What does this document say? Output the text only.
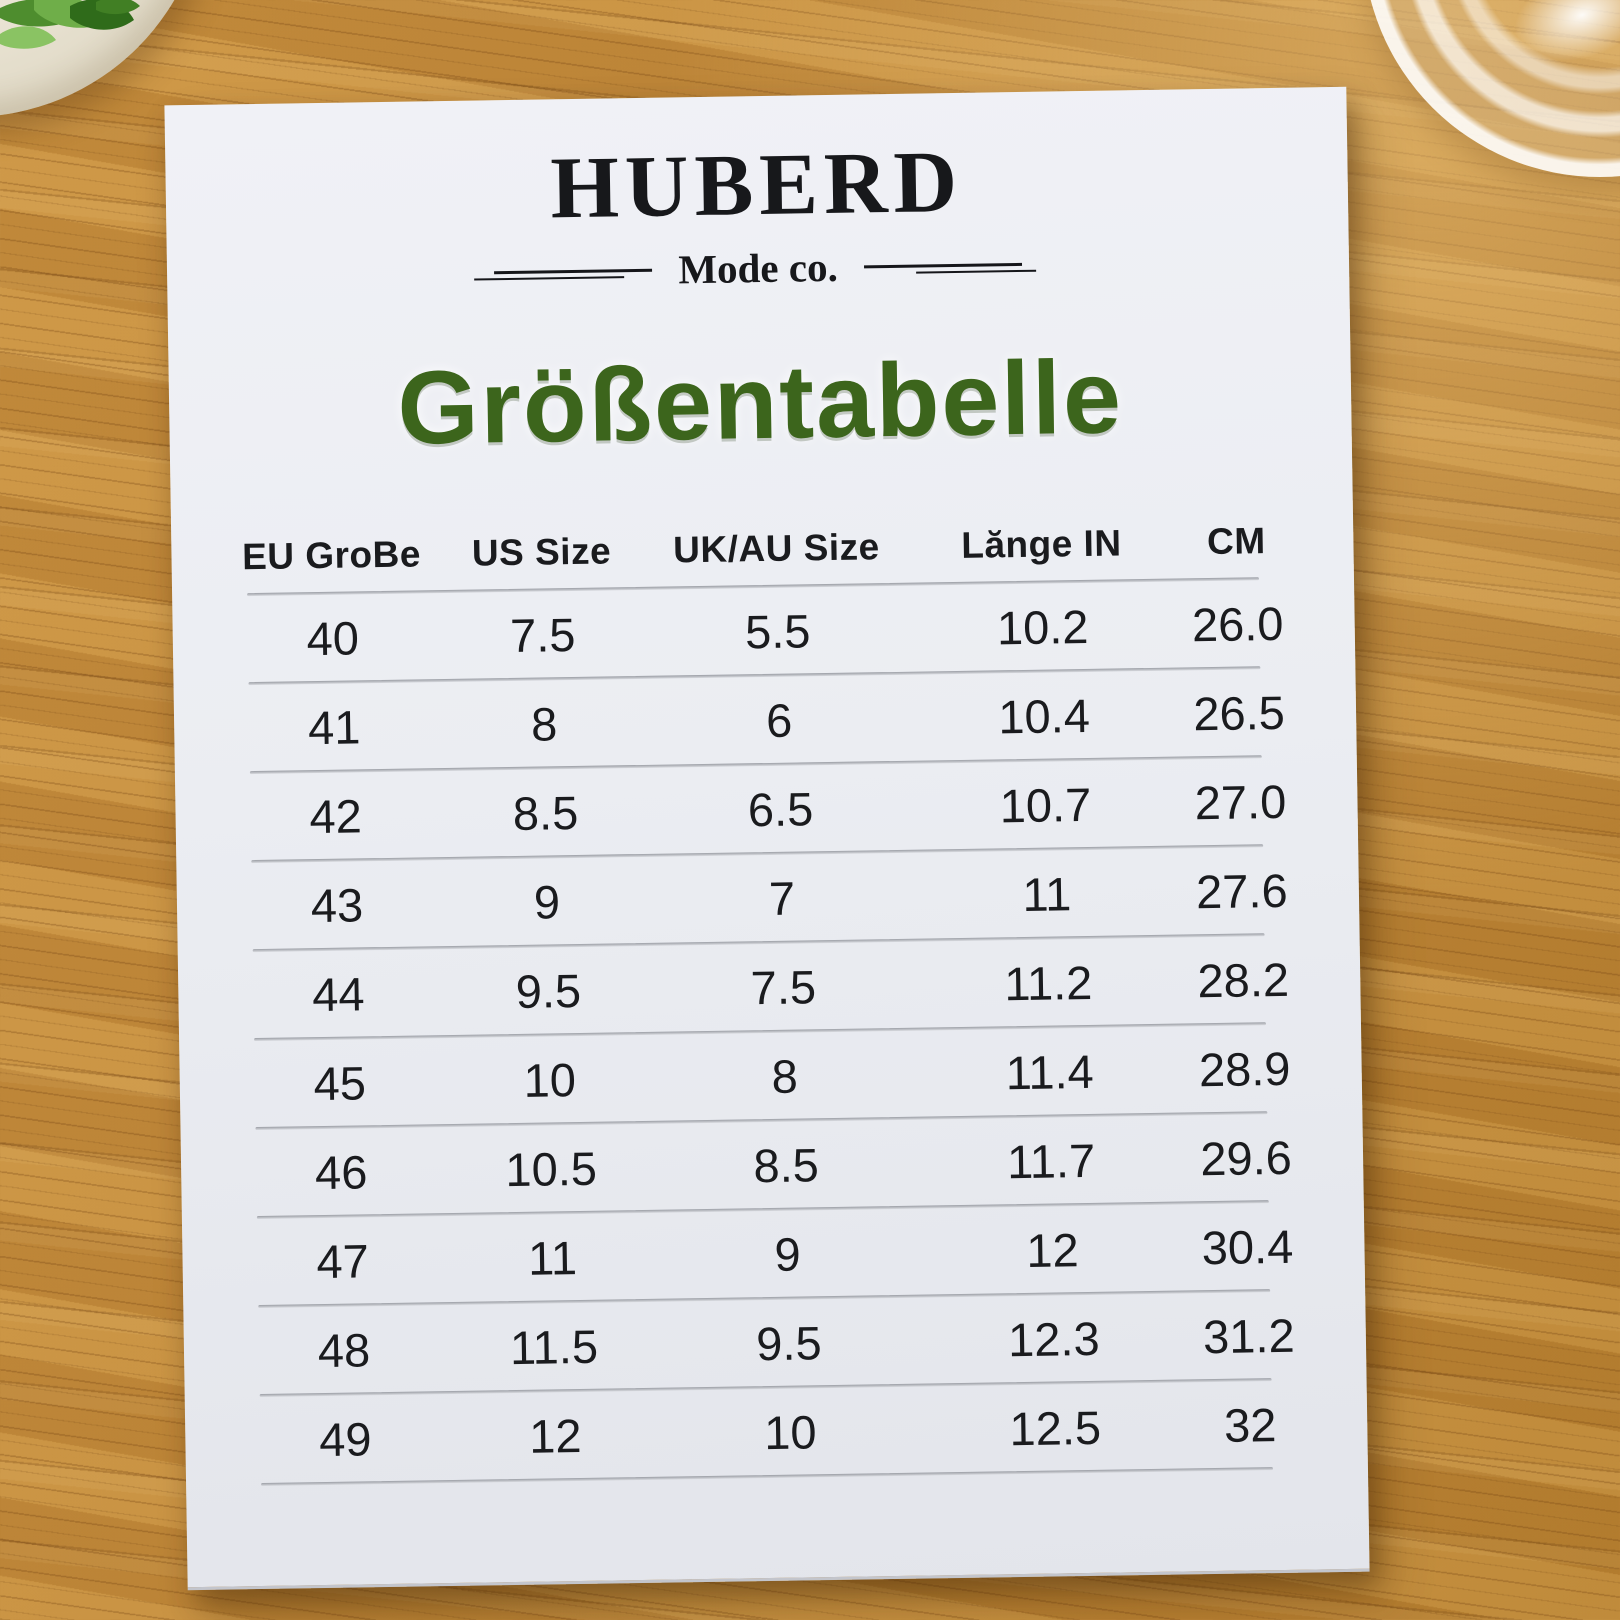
HUBERD
Mode co.
Größentabelle
EU GroBe	US Size	UK/AU Size	Lănge IN	CM
40	7.5	5.5	10.2	26.0
41	8	6	10.4	26.5
42	8.5	6.5	10.7	27.0
43	9	7	11	27.6
44	9.5	7.5	11.2	28.2
45	10	8	11.4	28.9
46	10.5	8.5	11.7	29.6
47	11	9	12	30.4
48	11.5	9.5	12.3	31.2
49	12	10	12.5	32
